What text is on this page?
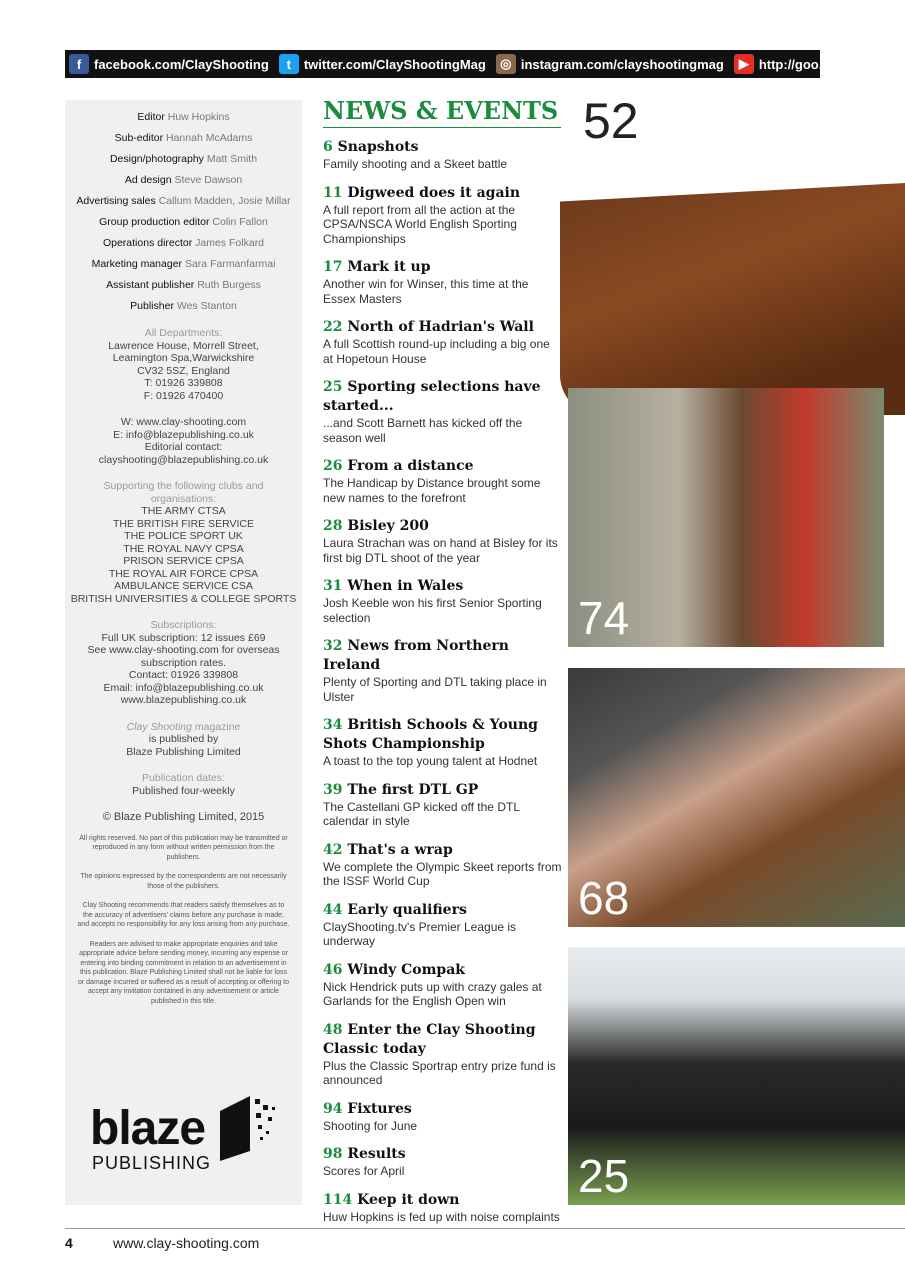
f facebook.com/ClayShooting	t twitter.com/ClayShootingMag	◎ instagram.com/clayshootingmag	▶ http://goo.gl/vxKYKJ

Editor Huw Hopkins

Sub-editor Hannah McAdams

Design/photography Matt Smith

Ad design Steve Dawson

Advertising sales Callum Madden, Josie Millar

Group production editor Colin Fallon

Operations director James Folkard

Marketing manager Sara Farmanfarmai

Assistant publisher Ruth Burgess

Publisher Wes Stanton

All Departments:
Lawrence House, Morrell Street,
Leamington Spa,Warwickshire
CV32 5SZ, England
T: 01926 339808
F: 01926 470400
W: www.clay-shooting.com
E: info@blazepublishing.co.uk
Editorial contact:
clayshooting@blazepublishing.co.uk
Supporting the following clubs and organisations:
THE ARMY CTSA
THE BRITISH FIRE SERVICE
THE POLICE SPORT UK
THE ROYAL NAVY CPSA
PRISON SERVICE CPSA
THE ROYAL AIR FORCE CPSA
AMBULANCE SERVICE CSA
BRITISH UNIVERSITIES & COLLEGE SPORTS
Subscriptions:
Full UK subscription: 12 issues £69
See www.clay-shooting.com for overseas
subscription rates.
Contact: 01926 339808
Email: info@blazepublishing.co.uk
www.blazepublishing.co.uk
Clay Shooting magazine
is published by
Blaze Publishing Limited
Publication dates:
Published four-weekly
© Blaze Publishing Limited, 2015
All rights reserved. No part of this publication may be transmitted or reproduced in any form without written permission from the publishers.
The opinions expressed by the correspondents are not necessarily those of the publishers.
Clay Shooting recommends that readers satisfy themselves as to the accuracy of advertisers' claims before any purchase is made, and accepts no responsibility for any loss arising from any purchase.
Readers are advised to make appropriate enquiries and take appropriate advice before sending money, incurring any expense or entering into binding commitment in relation to an advertisement in this publication. Blaze Publishing Limited shall not be liable for loss or damage incurred or suffered as a result of accepting or offering to accept any invitation contained in any advertisement or article published in this title.
blaze
PUBLISHING
NEWS & EVENTS
6 Snapshots
Family shooting and a Skeet battle
11 Digweed does it again
A full report from all the action at the CPSA/NSCA World English Sporting Championships
17 Mark it up
Another win for Winser, this time at the Essex Masters
22 North of Hadrian's Wall
A full Scottish round-up including a big one at Hopetoun House
25 Sporting selections have started...
...and Scott Barnett has kicked off the season well
26 From a distance
The Handicap by Distance brought some new names to the forefront
28 Bisley 200
Laura Strachan was on hand at Bisley for its first big DTL shoot of the year
31 When in Wales
Josh Keeble won his first Senior Sporting selection
32 News from Northern Ireland
Plenty of Sporting and DTL taking place in Ulster
34 British Schools & Young Shots Championship
A toast to the top young talent at Hodnet
39 The first DTL GP
The Castellani GP kicked off the DTL calendar in style
42 That's a wrap
We complete the Olympic Skeet reports from the ISSF World Cup
44 Early qualifiers
ClayShooting.tv's Premier League is underway
46 Windy Compak
Nick Hendrick puts up with crazy gales at Garlands for the English Open win
48 Enter the Clay Shooting Classic today
Plus the Classic Sportrap entry prize fund is announced
94 Fixtures
Shooting for June
98 Results
Scores for April
114 Keep it down
Huw Hopkins is fed up with noise complaints
52
74
68
25
4	www.clay-shooting.com
